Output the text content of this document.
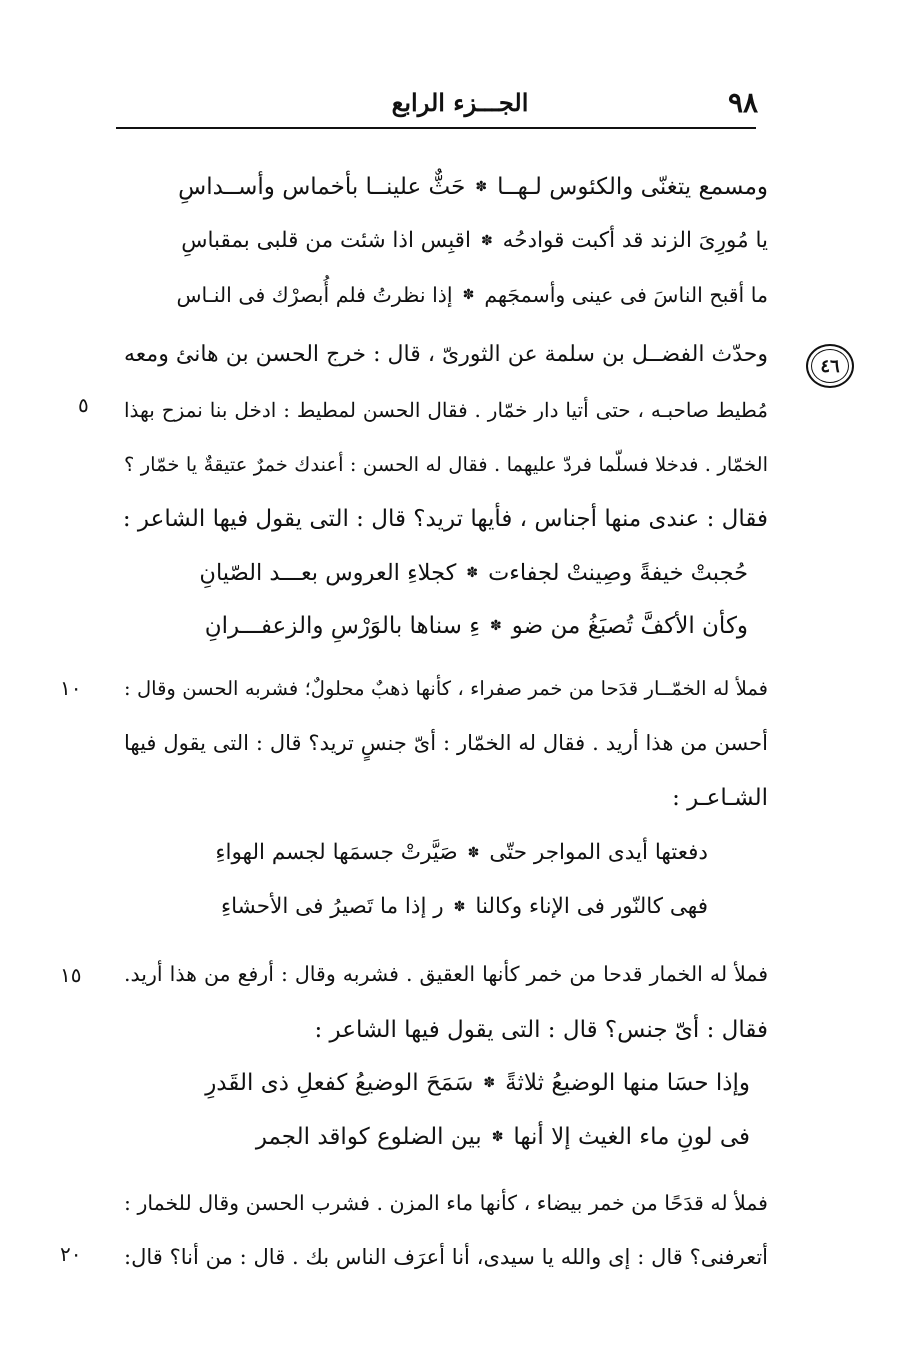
٩٨
الجـــزء الرابع
٤٦
ومسمع يتغنّى والكئوس لـهــا
✽
حَثٌّ علينــا بأخماس وأســداسِ
يا مُورِىَ الزند قد أكبت قوادحُه
✽
اقبِس اذا شئت من قلبى بمقباسِ
ما أقبح الناسَ فى عينى وأسمجَهم
✽
إذا نظرتُ فلم أُبصرْك فى النـاس
وحدّث الفضــل بن سلمة عن الثورىّ ، قال : خرج الحسن بن هانئ ومعه
مُطيط صاحبـه ، حتى أتيا دار خمّار . فقال الحسن لمطيط : ادخل بنا نمزح بهذا
الخمّار . فدخلا فسلّما فردّ عليهما . فقال له الحسن : أعندك خمرٌ عتيقةٌ يا خمّار ؟
فقال : عندى منها أجناس ، فأيها تريد؟ قال : التى يقول فيها الشاعر :
٥
حُجبتْ خيفةً وصِينتْ لجفاءت
✽
كجلاءِ العروس بعـــد الصّيانِ
وكأن الأكفَّ تُصبَغُ من ضو
✽
ءِ سناها بالوَرْسِ والزعفـــرانِ
فملأ له الخمّــار قدَحا من خمر صفراء ، كأنها ذهبٌ محلولٌ؛ فشربه الحسن وقال :
أحسن من هذا أريد . فقال له الخمّار : أىّ جنسٍ تريد؟ قال : التى يقول فيها
الشـاعـر :
١٠
دفعتها أيدى المواجر حتّى
✽
صَيَّرتْ جسمَها لجسم الهواءِ
فهى كالنّور فى الإناء وكالنا
✽
ر إذا ما تَصيرُ فى الأحشاءِ
فملأ له الخمار قدحا من خمر كأنها العقيق . فشربه وقال : أرفع من هذا أريد.
فقال : أىّ جنس؟ قال : التى يقول فيها الشاعر :
١٥
وإذا حسَا منها الوضيعُ ثلاثةً
✽
سَمَحَ الوضيعُ كفعلِ ذى القَدرِ
فى لونِ ماء الغيث إلا أنها
✽
بين الضلوع كواقد الجمر
فملأ له قدَحًا من خمر بيضاء ، كأنها ماء المزن . فشرب الحسن وقال للخمار :
أتعرفنى؟ قال : إى والله يا سيدى، أنا أعرَف الناس بك . قال : من أنا؟ قال:
٢٠
